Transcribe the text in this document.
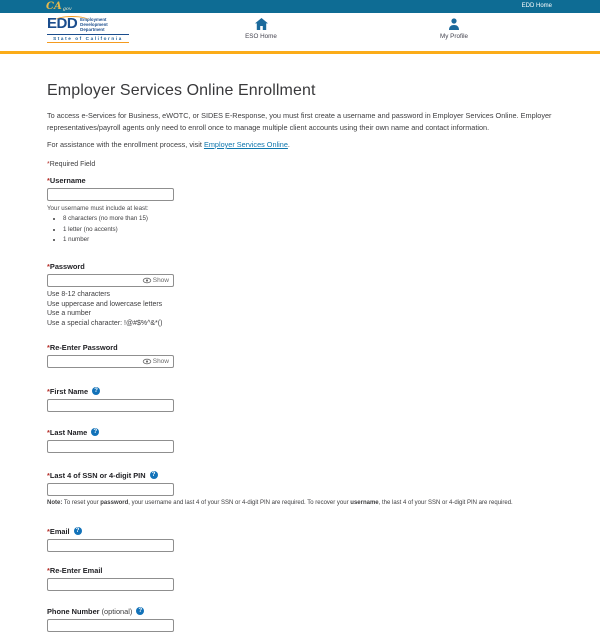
CA gov	EDD Home
EDD Employment
Development
Department
State of California	ESO Home	My Profile
Employer Services Online Enrollment

To access e-Services for Business, eWOTC, or SIDES E-Response, you must first create a username and password in Employer Services Online. Employer representatives/payroll agents only need to enroll once to manage multiple client accounts using their own name and contact information.

For assistance with the enrollment process, visit Employer Services Online.

*Required Field

* Username
Your username must include at least:
• 8 characters (no more than 15)
• 1 letter (no accents)
• 1 number
* Password
Show
Use 8-12 characters
Use uppercase and lowercase letters
Use a number
Use a special character: !@#$%^&*()
* Re-Enter Password
Show
* First Name	?
* Last Name	?
* Last 4 of SSN or 4-digit PIN	?
Note: To reset your password, your username and last 4 of your SSN or 4-digit PIN are required. To recover your username, the last 4 of your SSN or 4-digit PIN are required.
* Email	?
* Re-Enter Email
Phone Number (optional)	?
